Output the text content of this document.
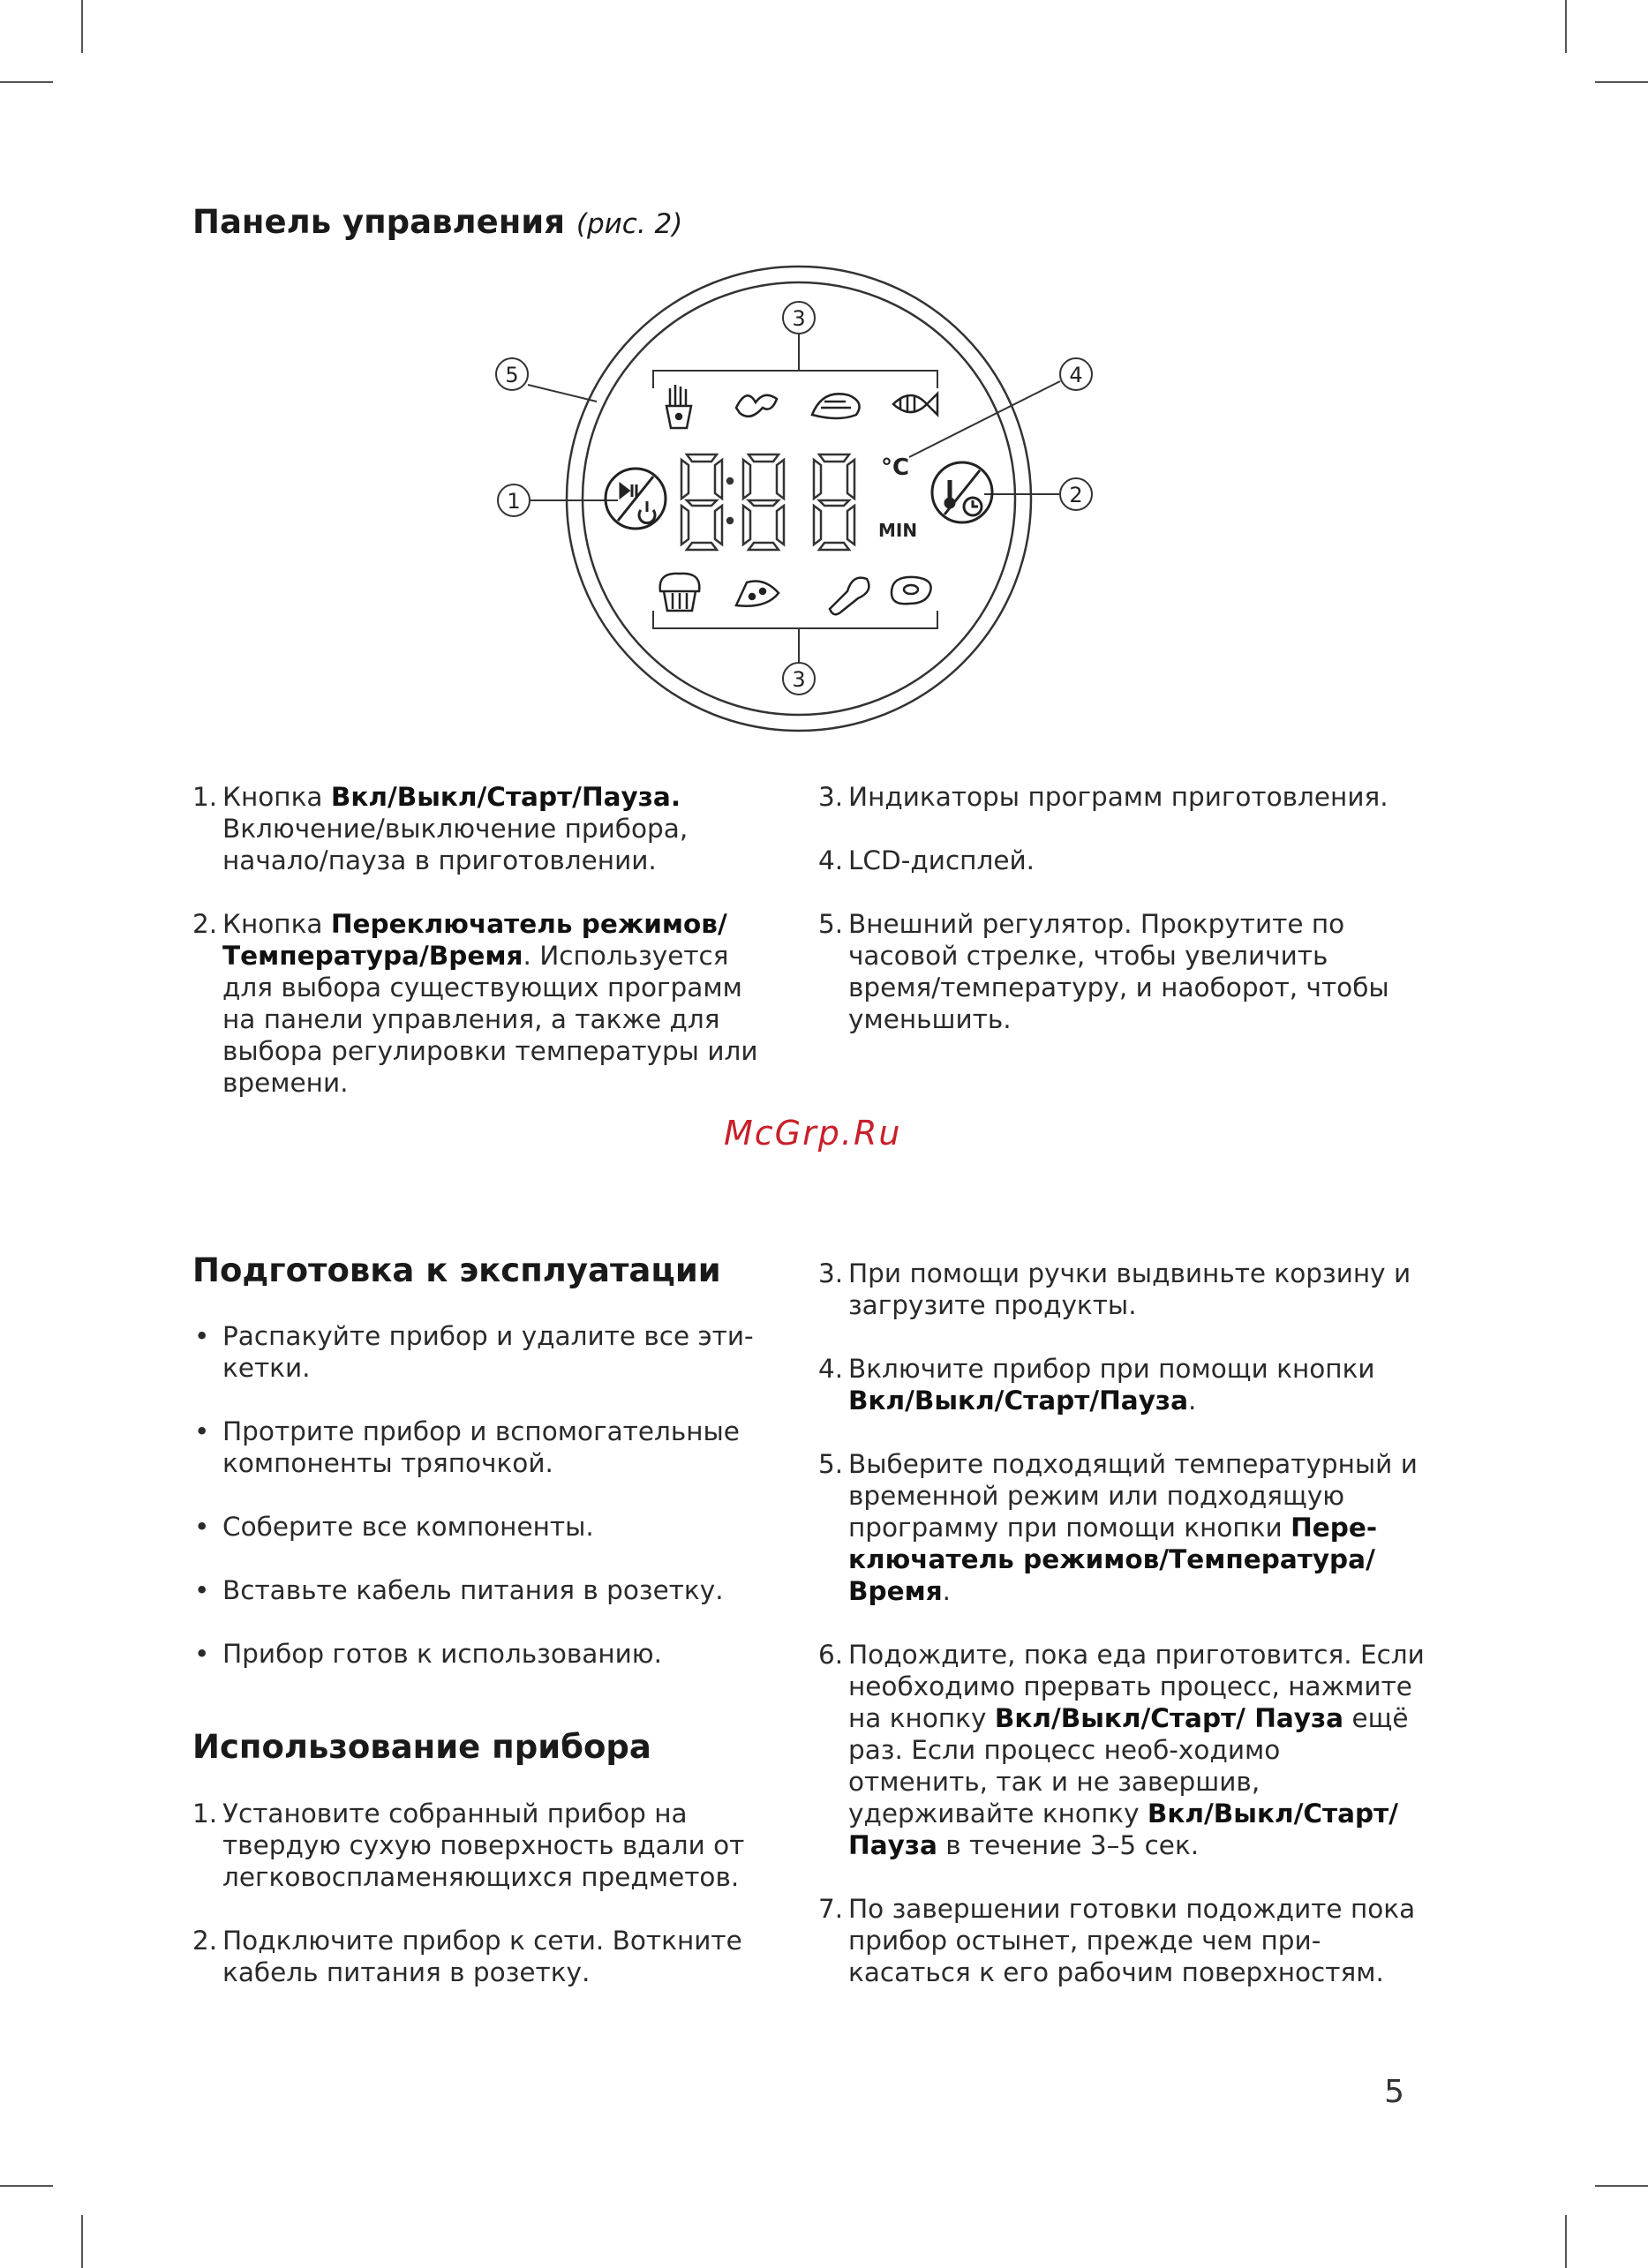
Панель управления (рис. 2)
3
5	4
1	2
3
°C
MIN
1. Кнопка Вкл/Выкл/Старт/Пауза. Включение/выключение прибора, начало/пауза в приготовлении.
2. Кнопка Переключатель режимов/ Температура/Время. Используется для выбора существующих программ на панели управления, а также для выбора регулировки температуры или времени.
3. Индикаторы программ приготовления.
4. LCD-дисплей.
5. Внешний регулятор. Прокрутите по часовой стрелке, чтобы увеличить время/температуру, и наоборот, чтобы уменьшить.
McGrp.Ru
Подготовка к эксплуатации
• Распакуйте прибор и удалите все эти-кетки.
• Протрите прибор и вспомогательные компоненты тряпочкой.
• Соберите все компоненты.
• Вставьте кабель питания в розетку.
• Прибор готов к использованию.
Использование прибора
1. Установите собранный прибор на твердую сухую поверхность вдали от легковоспламеняющихся предметов.
2. Подключите прибор к сети. Воткните кабель питания в розетку.
3. При помощи ручки выдвиньте корзину и загрузите продукты.
4. Включите прибор при помощи кнопки Вкл/Выкл/Старт/Пауза.
5. Выберите подходящий температурный и временной режим или подходящую программу при помощи кнопки Пере-ключатель режимов/Температура/ Время.
6. Подождите, пока еда приготовится. Если необходимо прервать процесс, нажмите на кнопку Вкл/Выкл/Старт/ Пауза ещё раз. Если процесс необ-ходимо отменить, так и не завершив, удерживайте кнопку Вкл/Выкл/Старт/ Пауза в течение 3–5 сек.
7. По завершении готовки подождите пока прибор остынет, прежде чем при-касаться к его рабочим поверхностям.
5
